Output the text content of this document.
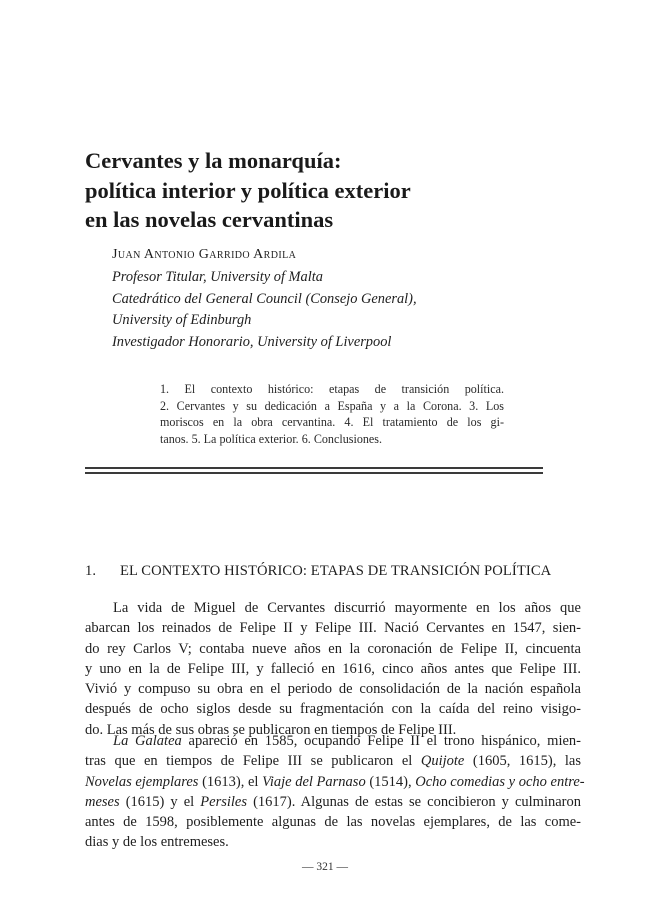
Cervantes y la monarquía:
política interior y política exterior
en las novelas cervantinas
Juan Antonio Garrido Ardila
Profesor Titular, University of Malta
Catedrático del General Council (Consejo General),
University of Edinburgh
Investigador Honorario, University of Liverpool
1. El contexto histórico: etapas de transición política.
2. Cervantes y su dedicación a España y a la Corona. 3. Los
moriscos en la obra cervantina. 4. El tratamiento de los gi-
tanos. 5. La política exterior. 6. Conclusiones.
1. EL CONTEXTO HISTÓRICO: ETAPAS DE TRANSICIÓN POLÍTICA
La vida de Miguel de Cervantes discurrió mayormente en los años que
abarcan los reinados de Felipe II y Felipe III. Nació Cervantes en 1547, sien-
do rey Carlos V; contaba nueve años en la coronación de Felipe II, cincuenta
y uno en la de Felipe III, y falleció en 1616, cinco años antes que Felipe III.
Vivió y compuso su obra en el periodo de consolidación de la nación española
después de ocho siglos desde su fragmentación con la caída del reino visigo-
do. Las más de sus obras se publicaron en tiempos de Felipe III.
La Galatea apareció en 1585, ocupando Felipe II el trono hispánico, mien-
tras que en tiempos de Felipe III se publicaron el Quijote (1605, 1615), las
Novelas ejemplares (1613), el Viaje del Parnaso (1514), Ocho comedias y ocho entre-
meses (1615) y el Persiles (1617). Algunas de estas se concibieron y culminaron
antes de 1598, posiblemente algunas de las novelas ejemplares, de las come-
dias y de los entremeses.
— 321 —
